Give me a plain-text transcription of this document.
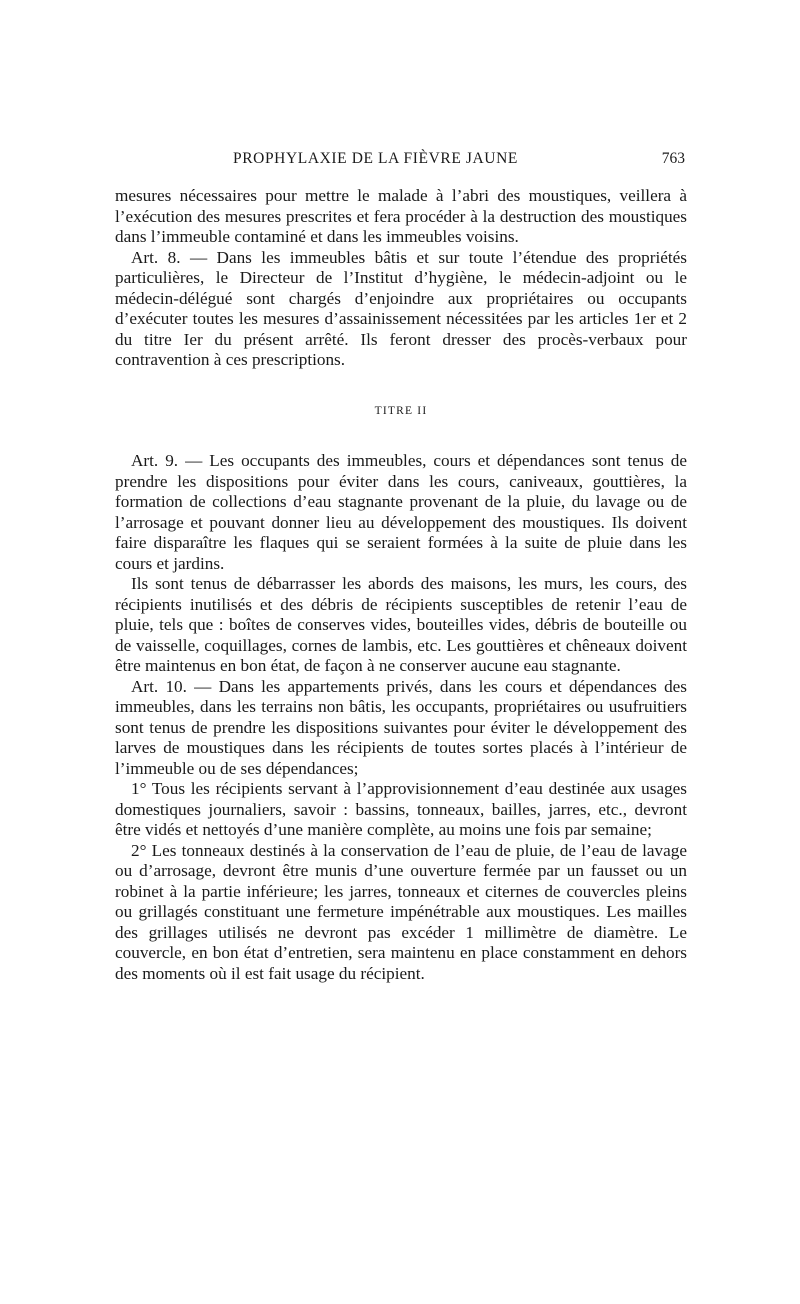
PROPHYLAXIE DE LA FIÈVRE JAUNE	763

mesures nécessaires pour mettre le malade à l’abri des moustiques, veillera à l’exécution des mesures prescrites et fera procéder à la destruction des moustiques dans l’immeuble contaminé et dans les immeubles voisins.

Art. 8. — Dans les immeubles bâtis et sur toute l’étendue des propriétés particulières, le Directeur de l’Institut d’hygiène, le médecin-adjoint ou le médecin-délégué sont chargés d’enjoindre aux propriétaires ou occupants d’exécuter toutes les mesures d’assainissement nécessitées par les articles 1er et 2 du titre Ier du présent arrêté. Ils feront dresser des procès-verbaux pour contravention à ces prescriptions.

TITRE II

Art. 9. — Les occupants des immeubles, cours et dépendances sont tenus de prendre les dispositions pour éviter dans les cours, caniveaux, gouttières, la formation de collections d’eau stagnante provenant de la pluie, du lavage ou de l’arrosage et pouvant donner lieu au développement des moustiques. Ils doivent faire disparaître les flaques qui se seraient formées à la suite de pluie dans les cours et jardins.

Ils sont tenus de débarrasser les abords des maisons, les murs, les cours, des récipients inutilisés et des débris de récipients susceptibles de retenir l’eau de pluie, tels que : boîtes de conserves vides, bouteilles vides, débris de bouteille ou de vaisselle, coquillages, cornes de lambis, etc. Les gouttières et chêneaux doivent être maintenus en bon état, de façon à ne conserver aucune eau stagnante.

Art. 10. — Dans les appartements privés, dans les cours et dépendances des immeubles, dans les terrains non bâtis, les occupants, propriétaires ou usufruitiers sont tenus de prendre les dispositions suivantes pour éviter le développement des larves de moustiques dans les récipients de toutes sortes placés à l’intérieur de l’immeuble ou de ses dépendances;

1° Tous les récipients servant à l’approvisionnement d’eau destinée aux usages domestiques journaliers, savoir : bassins, tonneaux, bailles, jarres, etc., devront être vidés et nettoyés d’une manière complète, au moins une fois par semaine;

2° Les tonneaux destinés à la conservation de l’eau de pluie, de l’eau de lavage ou d’arrosage, devront être munis d’une ouverture fermée par un fausset ou un robinet à la partie inférieure; les jarres, tonneaux et citernes de couvercles pleins ou grillagés constituant une fermeture impénétrable aux moustiques. Les mailles des grillages utilisés ne devront pas excéder 1 millimètre de diamètre. Le couvercle, en bon état d’entretien, sera maintenu en place constamment en dehors des moments où il est fait usage du récipient.
